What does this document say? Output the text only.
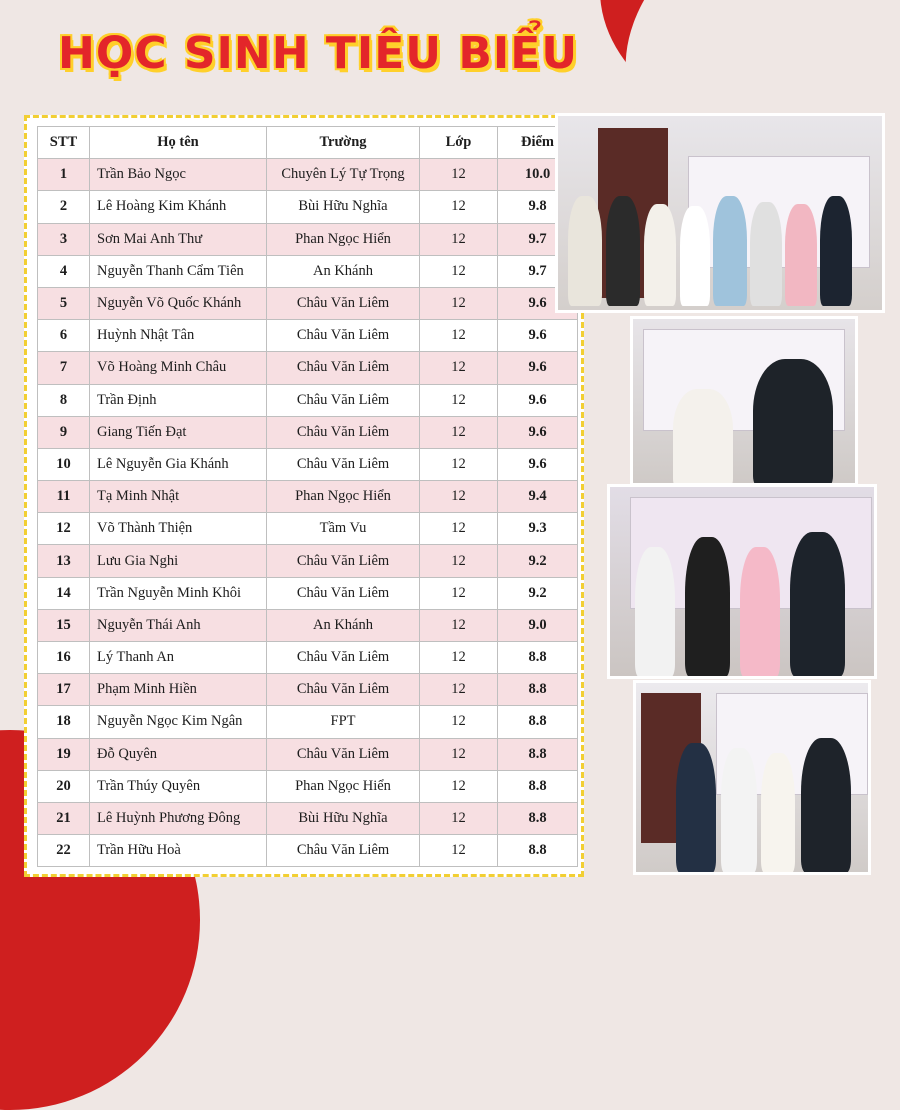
HỌC SINH TIÊU BIỂU
STT	Họ tên	Trường	Lớp	Điểm
1	Trần Bảo Ngọc	Chuyên Lý Tự Trọng	12	10.0
2	Lê Hoàng Kim Khánh	Bùi Hữu Nghĩa	12	9.8
3	Sơn Mai Anh Thư	Phan Ngọc Hiển	12	9.7
4	Nguyễn Thanh Cẩm Tiên	An Khánh	12	9.7
5	Nguyễn Võ Quốc Khánh	Châu Văn Liêm	12	9.6
6	Huỳnh Nhật Tân	Châu Văn Liêm	12	9.6
7	Võ Hoàng Minh Châu	Châu Văn Liêm	12	9.6
8	Trần Định	Châu Văn Liêm	12	9.6
9	Giang Tiến Đạt	Châu Văn Liêm	12	9.6
10	Lê Nguyễn Gia Khánh	Châu Văn Liêm	12	9.6
11	Tạ Minh Nhật	Phan Ngọc Hiển	12	9.4
12	Võ Thành Thiện	Tầm Vu	12	9.3
13	Lưu Gia Nghi	Châu Văn Liêm	12	9.2
14	Trần Nguyễn Minh Khôi	Châu Văn Liêm	12	9.2
15	Nguyễn Thái Anh	An Khánh	12	9.0
16	Lý Thanh An	Châu Văn Liêm	12	8.8
17	Phạm Minh Hiền	Châu Văn Liêm	12	8.8
18	Nguyễn Ngọc Kim Ngân	FPT	12	8.8
19	Đỗ Quyên	Châu Văn Liêm	12	8.8
20	Trần Thúy Quyên	Phan Ngọc Hiển	12	8.8
21	Lê Huỳnh Phương Đông	Bùi Hữu Nghĩa	12	8.8
22	Trần Hữu Hoà	Châu Văn Liêm	12	8.8
